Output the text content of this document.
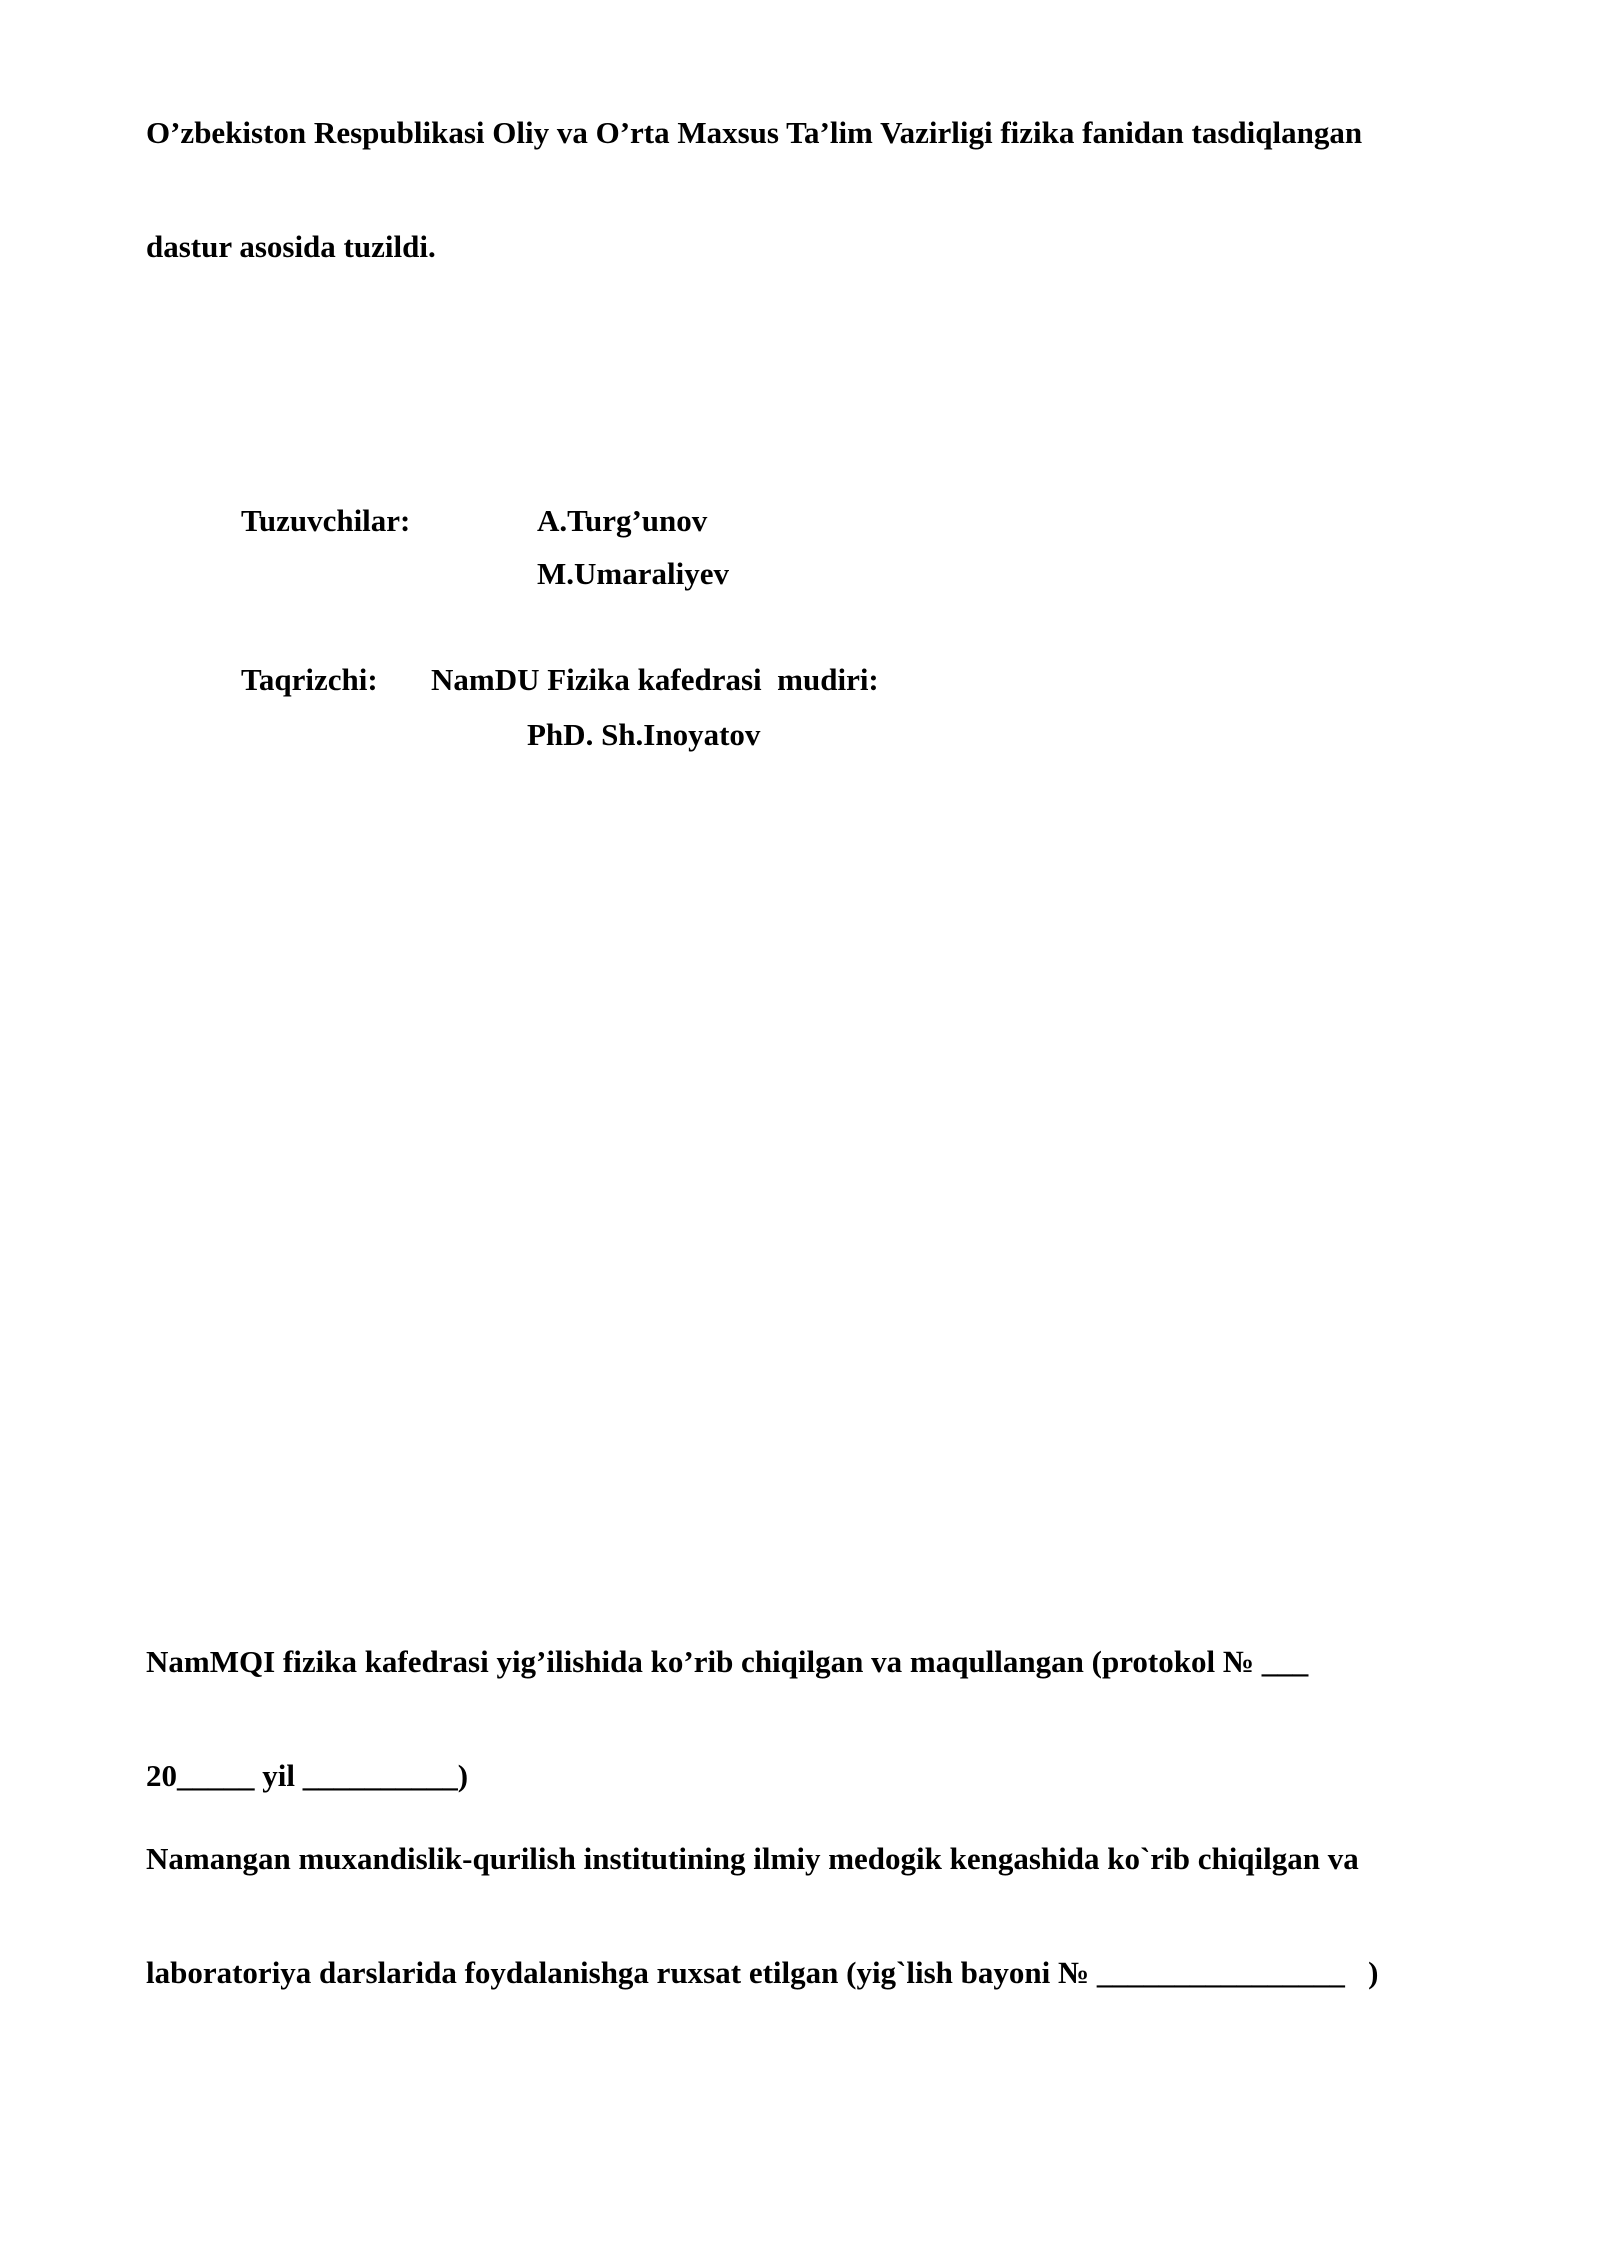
O’zbekiston Respublikasi Oliy va O’rta Maxsus Ta’lim Vazirligi fizika fanidan tasdiqlangan

dastur asosida tuzildi.

Tuzuvchilar:	A.Turg’unov
M.Umaraliyev
Taqrizchi: NamDU Fizika kafedrasi  mudiri:
PhD. Sh.Inoyatov

NamMQI fizika kafedrasi yig’ilishida ko’rib chiqilgan va maqullangan (protokol № ___

20_____ yil __________)

Namangan muxandislik-qurilish institutining ilmiy medogik kengashida ko`rib chiqilgan va

laboratoriya darslarida foydalanishga ruxsat etilgan (yig`lish bayoni № ________________   )
